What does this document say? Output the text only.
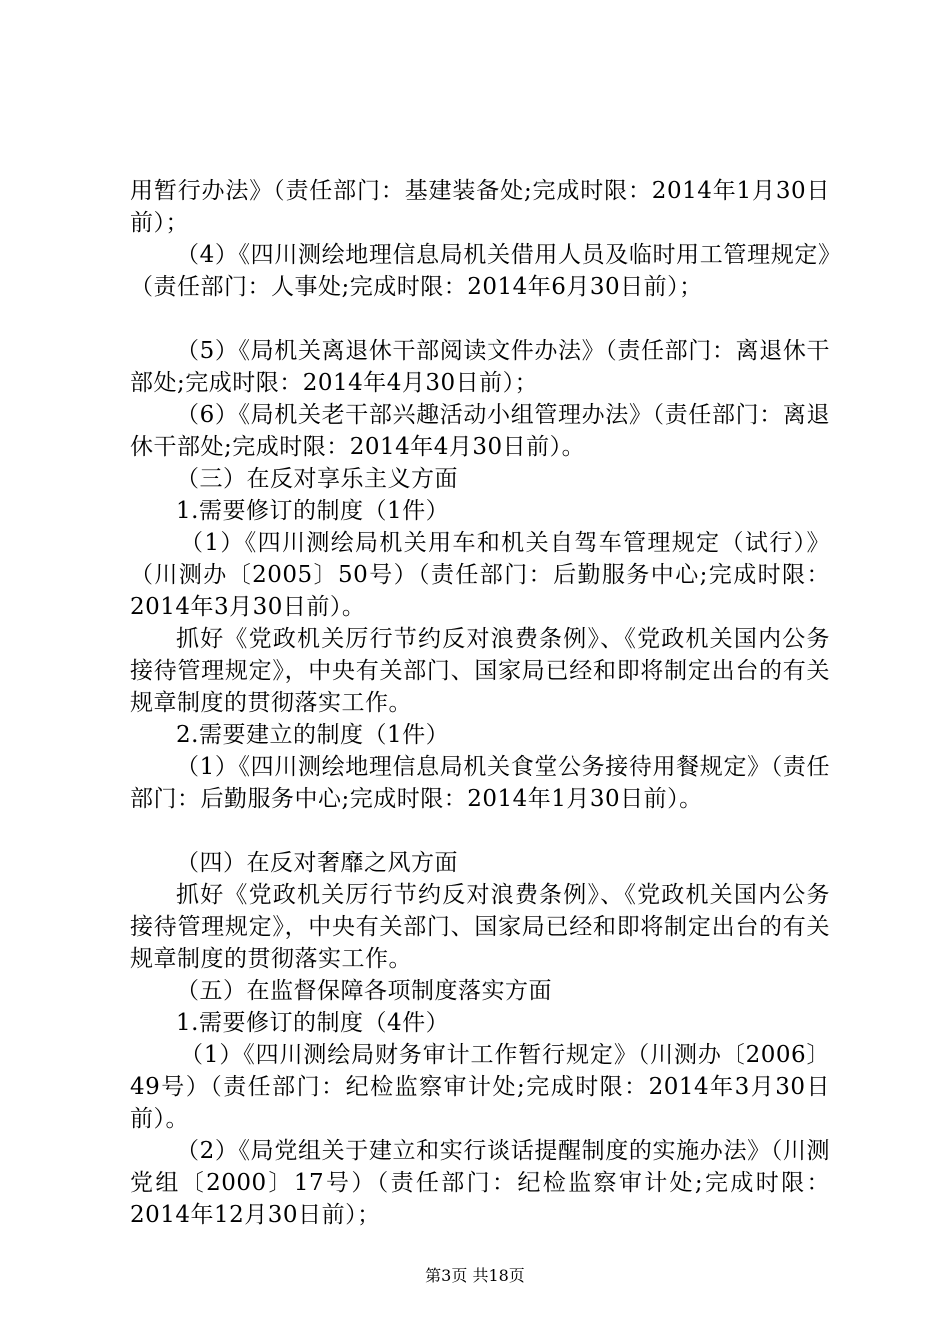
用暂行办法》（责任部门：基建装备处;完成时限：2014年1月30日前）；

（4）《四川测绘地理信息局机关借用人员及临时用工管理规定》（责任部门：人事处;完成时限：2014年6月30日前）；

（5）《局机关离退休干部阅读文件办法》（责任部门：离退休干部处;完成时限：2014年4月30日前）；

（6）《局机关老干部兴趣活动小组管理办法》（责任部门：离退休干部处;完成时限：2014年4月30日前）。

（三）在反对享乐主义方面

1.需要修订的制度（1件）

（1）《四川测绘局机关用车和机关自驾车管理规定（试行）》（川测办〔2005〕50号）（责任部门：后勤服务中心;完成时限：2014年3月30日前）。

抓好《党政机关厉行节约反对浪费条例》、《党政机关国内公务接待管理规定》，中央有关部门、国家局已经和即将制定出台的有关规章制度的贯彻落实工作。

2.需要建立的制度（1件）

（1）《四川测绘地理信息局机关食堂公务接待用餐规定》（责任部门：后勤服务中心;完成时限：2014年1月30日前）。

（四）在反对奢靡之风方面

抓好《党政机关厉行节约反对浪费条例》、《党政机关国内公务接待管理规定》，中央有关部门、国家局已经和即将制定出台的有关规章制度的贯彻落实工作。

（五）在监督保障各项制度落实方面

1.需要修订的制度（4件）

（1）《四川测绘局财务审计工作暂行规定》（川测办〔2006〕49号）（责任部门：纪检监察审计处;完成时限：2014年3月30日前）。

（2）《局党组关于建立和实行谈话提醒制度的实施办法》（川测党组〔2000〕17号）（责任部门：纪检监察审计处;完成时限：2014年12月30日前）；

第3页 共18页
